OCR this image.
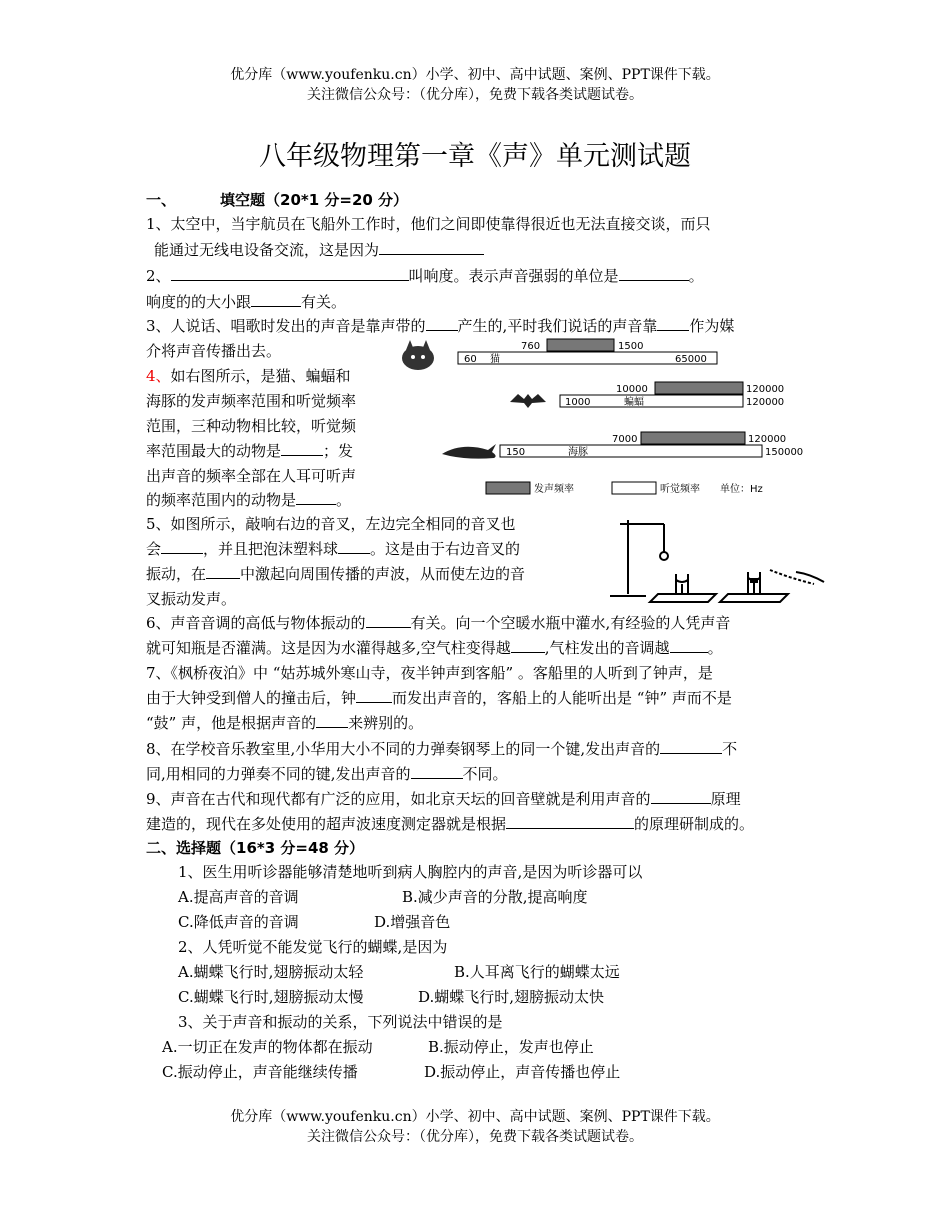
优分库（www.youfenku.cn）小学、初中、高中试题、案例、PPT课件下载。
关注微信公众号：（优分库），免费下载各类试题试卷。
八年级物理第一章《声》单元测试题
一、	填空题（20*1 分=20 分）
1、太空中，当宇航员在飞船外工作时，他们之间即使靠得很近也无法直接交谈，而只
能通过无线电设备交流，这是因为
2、	叫响度。表示声音强弱的单位是	。
响度的的大小跟	有关。
3、人说话、唱歌时发出的声音是靠声带的 产生的,平时我们说话的声音靠 作为媒
介将声音传播出去。
4、如右图所示，是猫、蝙蝠和
海豚的发声频率范围和听觉频率
范围，三种动物相比较，听觉频
率范围最大的动物是	；发
出声音的频率全部在人耳可听声
的频率范围内的动物是	。
760	1500
60 猫	65000
10000	120000
1000	蝙蝠	120000
7000	120000
150	海豚	150000
发声频率	听觉频率 单位：Hz
5、如图所示，敲响右边的音叉，左边完全相同的音叉也
会	，并且把泡沫塑料球 。这是由于右边音叉的
振动，在 中激起向周围传播的声波，从而使左边的音
叉振动发声。
6、声音音调的高低与物体振动的	有关。向一个空暖水瓶中灌水,有经验的人凭声音
就可知瓶是否灌满。这是因为水灌得越多,空气柱变得越 ,气柱发出的音调越	。
7、《枫桥夜泊》中 “姑苏城外寒山寺，夜半钟声到客船” 。客船里的人听到了钟声，是
由于大钟受到僧人的撞击后，钟 而发出声音的，客船上的人能听出是 “钟” 声而不是
“鼓” 声，他是根据声音的 来辨别的。
8、在学校音乐教室里,小华用大小不同的力弹奏钢琴上的同一个键,发出声音的	不
同,用相同的力弹奏不同的键,发出声音的	不同。
9、声音在古代和现代都有广泛的应用，如北京天坛的回音壁就是利用声音的	原理
建造的，现代在多处使用的超声波速度测定器就是根据	的原理研制成的。
二、选择题（16*3 分=48 分）
1、医生用听诊器能够清楚地听到病人胸腔内的声音,是因为听诊器可以
A.提高声音的音调	B.减少声音的分散,提高响度
C.降低声音的音调	D.增强音色
2、人凭听觉不能发觉飞行的蝴蝶,是因为
A.蝴蝶飞行时,翅膀振动太轻	B.人耳离飞行的蝴蝶太远
C.蝴蝶飞行时,翅膀振动太慢	D.蝴蝶飞行时,翅膀振动太快
3、关于声音和振动的关系，下列说法中错误的是
A.一切正在发声的物体都在振动	B.振动停止，发声也停止
C.振动停止，声音能继续传播	D.振动停止，声音传播也停止
优分库（www.youfenku.cn）小学、初中、高中试题、案例、PPT课件下载。
关注微信公众号：（优分库），免费下载各类试题试卷。
